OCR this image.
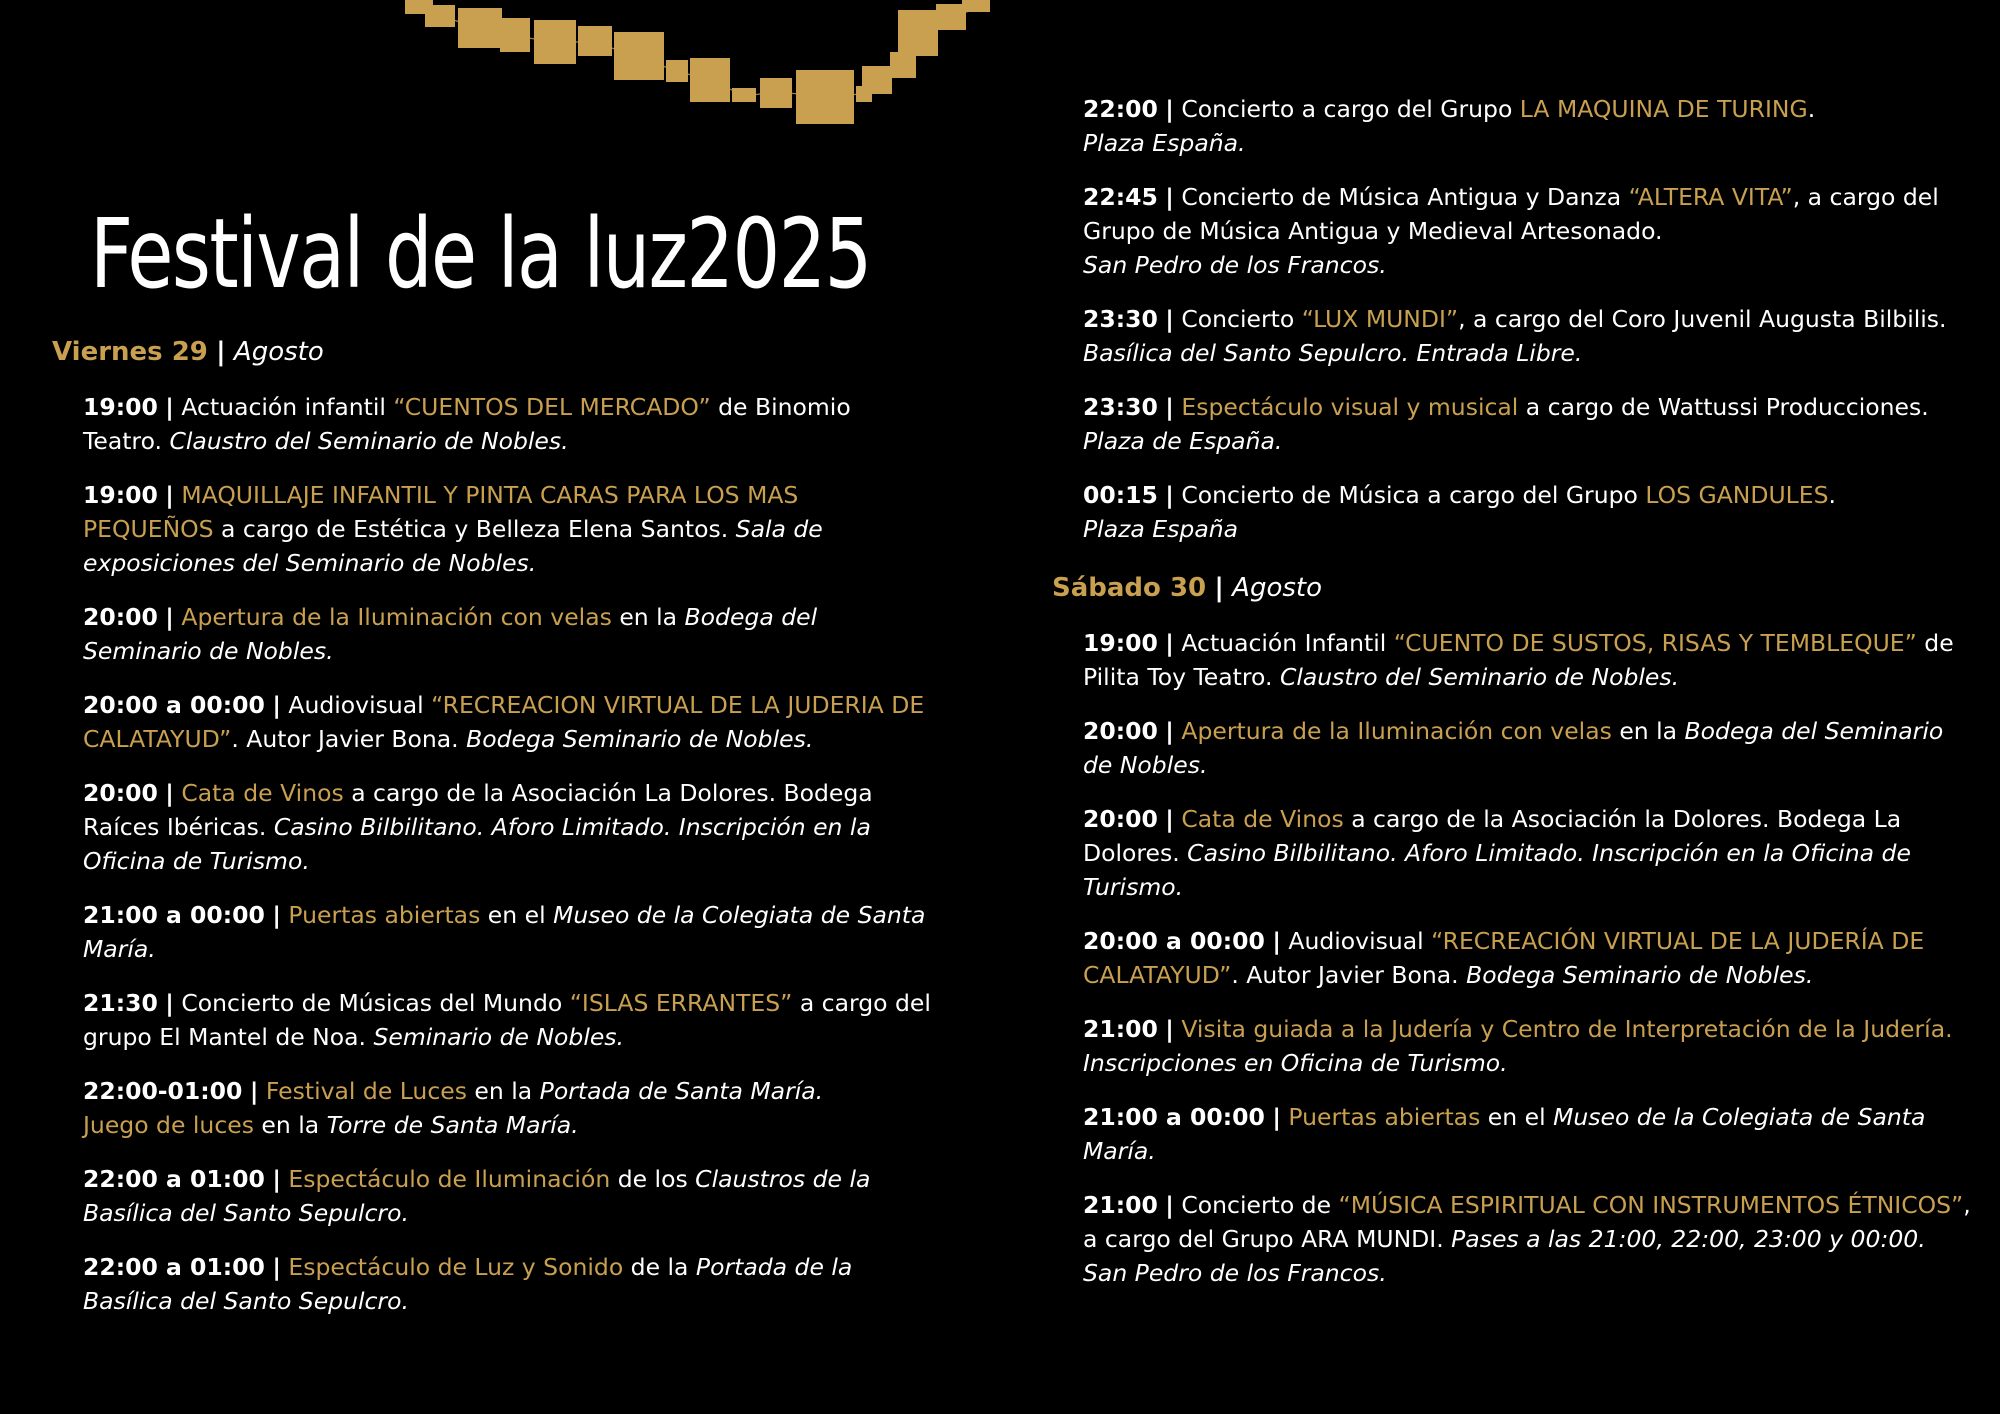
Festival de la luz2025
Viernes 29 | Agosto
19:00 | Actuación infantil “CUENTOS DEL MERCADO” de Binomio Teatro. Claustro del Seminario de Nobles.
19:00 | MAQUILLAJE INFANTIL Y PINTA CARAS PARA LOS MAS PEQUEÑOS a cargo de Estética y Belleza Elena Santos. Sala de exposiciones del Seminario de Nobles.
20:00 | Apertura de la Iluminación con velas en la Bodega del Seminario de Nobles.
20:00 a 00:00 | Audiovisual “RECREACION VIRTUAL DE LA JUDERIA DE CALATAYUD”. Autor Javier Bona. Bodega Seminario de Nobles.
20:00 | Cata de Vinos a cargo de la Asociación La Dolores. Bodega Raíces Ibéricas. Casino Bilbilitano. Aforo Limitado. Inscripción en la Oficina de Turismo.
21:00 a 00:00 | Puertas abiertas en el Museo de la Colegiata de Santa María.
21:30 | Concierto de Músicas del Mundo “ISLAS ERRANTES” a cargo del grupo El Mantel de Noa. Seminario de Nobles.
22:00-01:00 | Festival de Luces en la Portada de Santa María.
Juego de luces en la Torre de Santa María.
22:00 a 01:00 | Espectáculo de Iluminación de los Claustros de la Basílica del Santo Sepulcro.
22:00 a 01:00 | Espectáculo de Luz y Sonido de la Portada de la Basílica del Santo Sepulcro.
22:00 | Concierto a cargo del Grupo LA MAQUINA DE TURING.
Plaza España.
22:45 | Concierto de Música Antigua y Danza “ALTERA VITA”, a cargo del Grupo de Música Antigua y Medieval Artesonado.
San Pedro de los Francos.
23:30 | Concierto “LUX MUNDI”, a cargo del Coro Juvenil Augusta Bilbilis.
Basílica del Santo Sepulcro. Entrada Libre.
23:30 | Espectáculo visual y musical a cargo de Wattussi Producciones.
Plaza de España.
00:15 | Concierto de Música a cargo del Grupo LOS GANDULES.
Plaza España
Sábado 30 | Agosto
19:00 | Actuación Infantil “CUENTO DE SUSTOS, RISAS Y TEMBLEQUE” de Pilita Toy Teatro. Claustro del Seminario de Nobles.
20:00 | Apertura de la Iluminación con velas en la Bodega del Seminario de Nobles.
20:00 | Cata de Vinos a cargo de la Asociación la Dolores. Bodega La Dolores. Casino Bilbilitano. Aforo Limitado. Inscripción en la Oficina de Turismo.
20:00 a 00:00 | Audiovisual “RECREACIÓN VIRTUAL DE LA JUDERÍA DE CALATAYUD”. Autor Javier Bona. Bodega Seminario de Nobles.
21:00 | Visita guiada a la Judería y Centro de Interpretación de la Judería.
Inscripciones en Oficina de Turismo.
21:00 a 00:00 | Puertas abiertas en el Museo de la Colegiata de Santa María.
21:00 | Concierto de “MÚSICA ESPIRITUAL CON INSTRUMENTOS ÉTNICOS”, a cargo del Grupo ARA MUNDI. Pases a las 21:00, 22:00, 23:00 y 00:00. San Pedro de los Francos.
